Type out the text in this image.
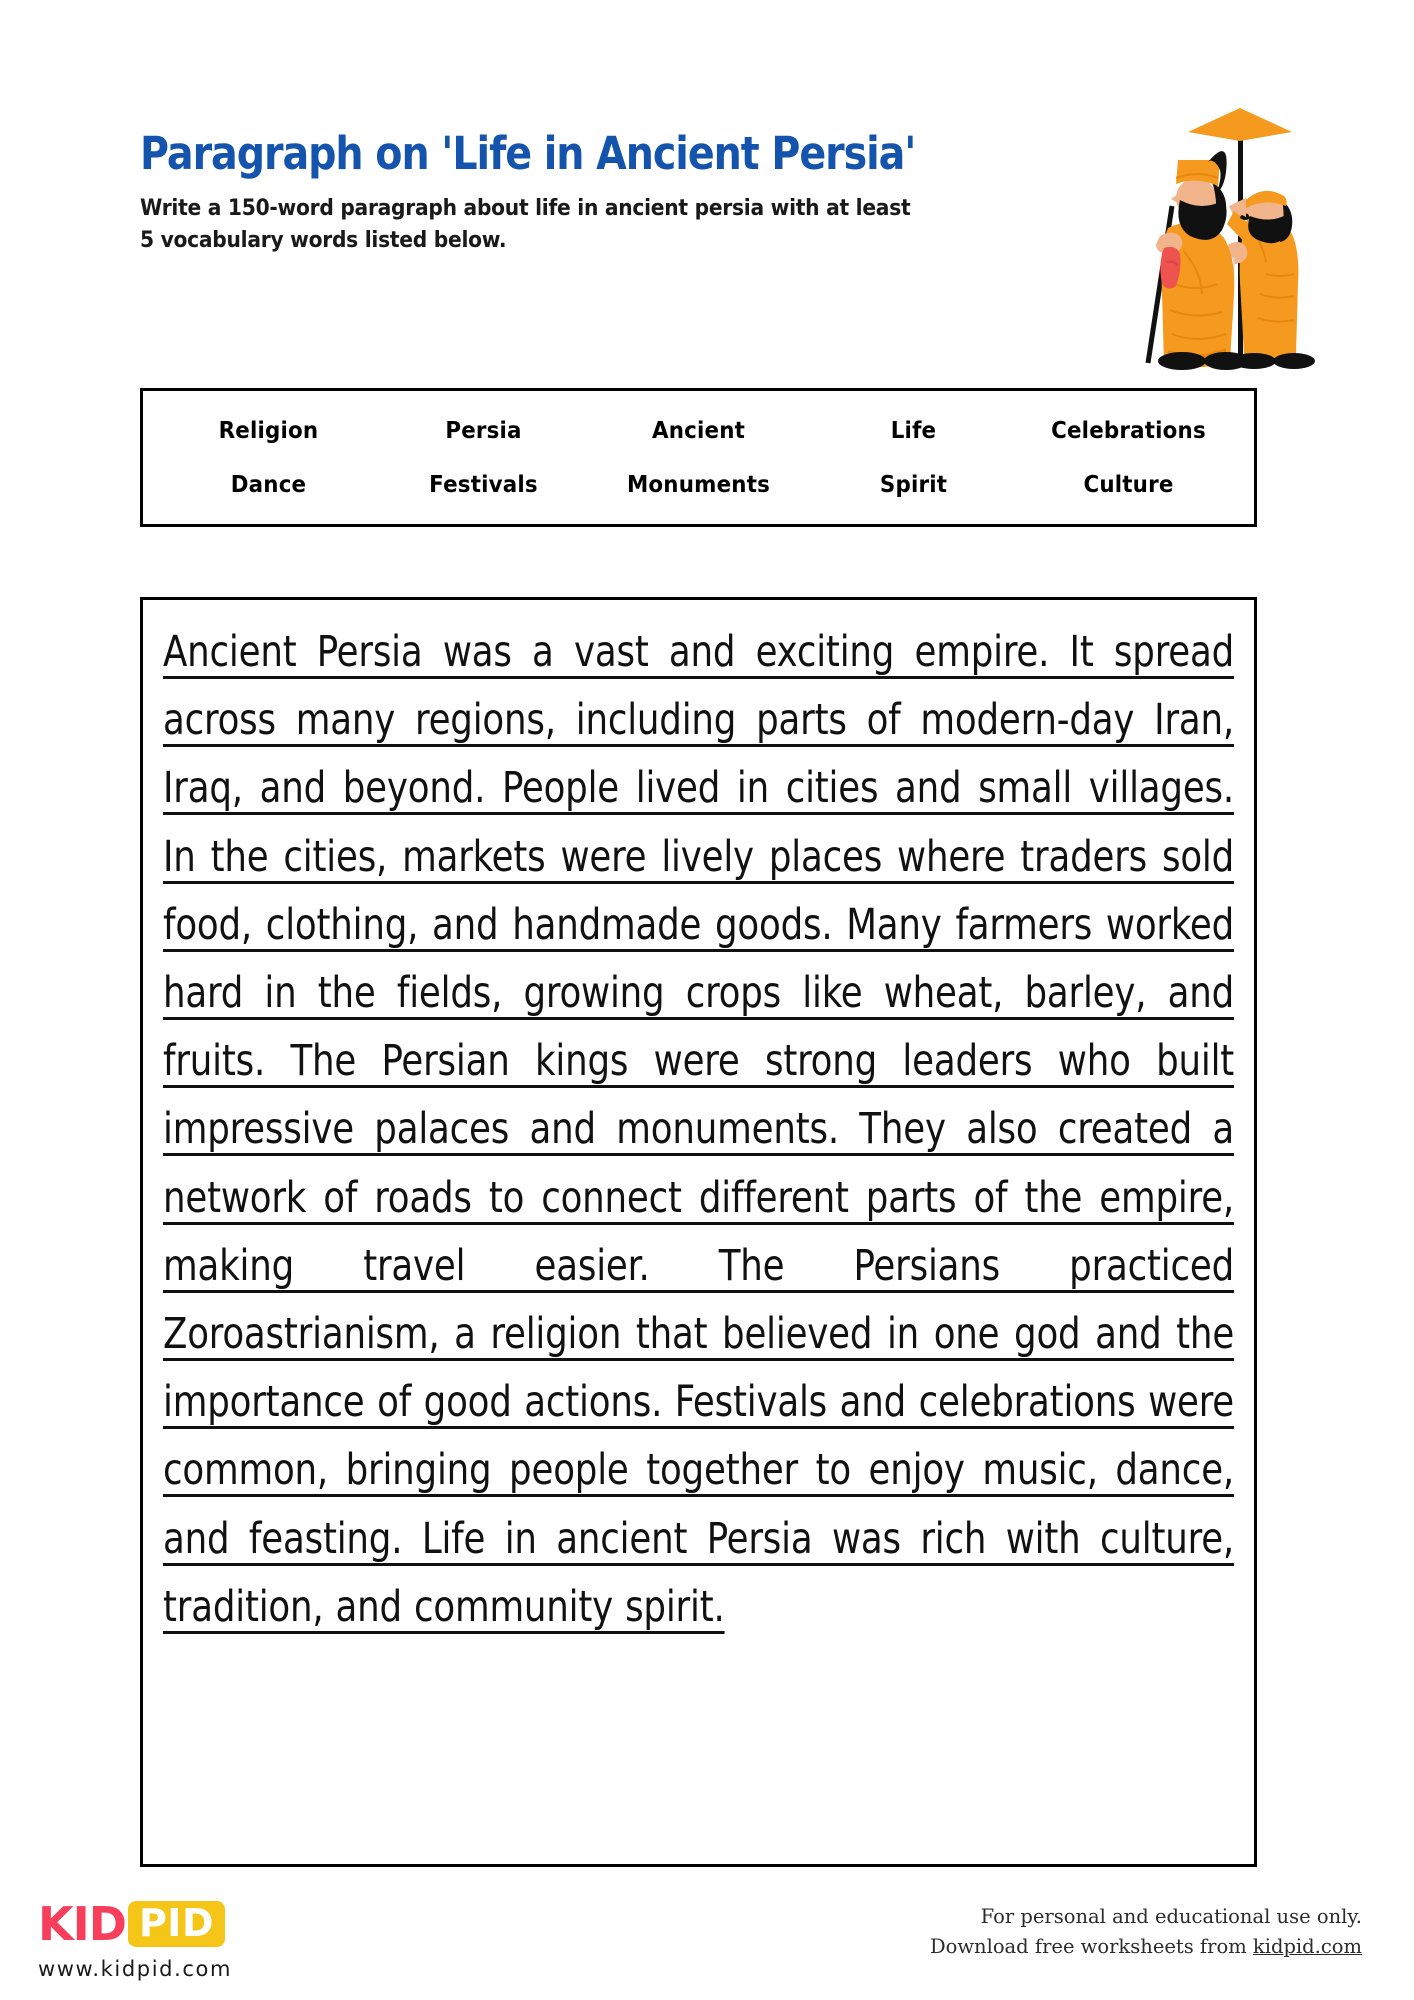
Paragraph on 'Life in Ancient Persia'
Write a 150-word paragraph about life in ancient persia with at least
5 vocabulary words listed below.
Religion	Persia	Ancient	Life	Celebrations
Dance	Festivals	Monuments	Spirit	Culture
Ancient Persia was a vast and exciting empire. It spread across many regions, including parts of modern-day Iran, Iraq, and beyond. People lived in cities and small villages. In the cities, markets were lively places where traders sold food, clothing, and handmade goods. Many farmers worked hard in the fields, growing crops like wheat, barley, and fruits. The Persian kings were strong leaders who built impressive palaces and monuments. They also created a network of roads to connect different parts of the empire, making travel easier. The Persians practiced Zoroastrianism, a religion that believed in one god and the importance of good actions. Festivals and celebrations were common, bringing people together to enjoy music, dance, and feasting. Life in ancient Persia was rich with culture, tradition, and community spirit.
KID PID
www.kidpid.com
For personal and educational use only.
Download free worksheets from kidpid.com
